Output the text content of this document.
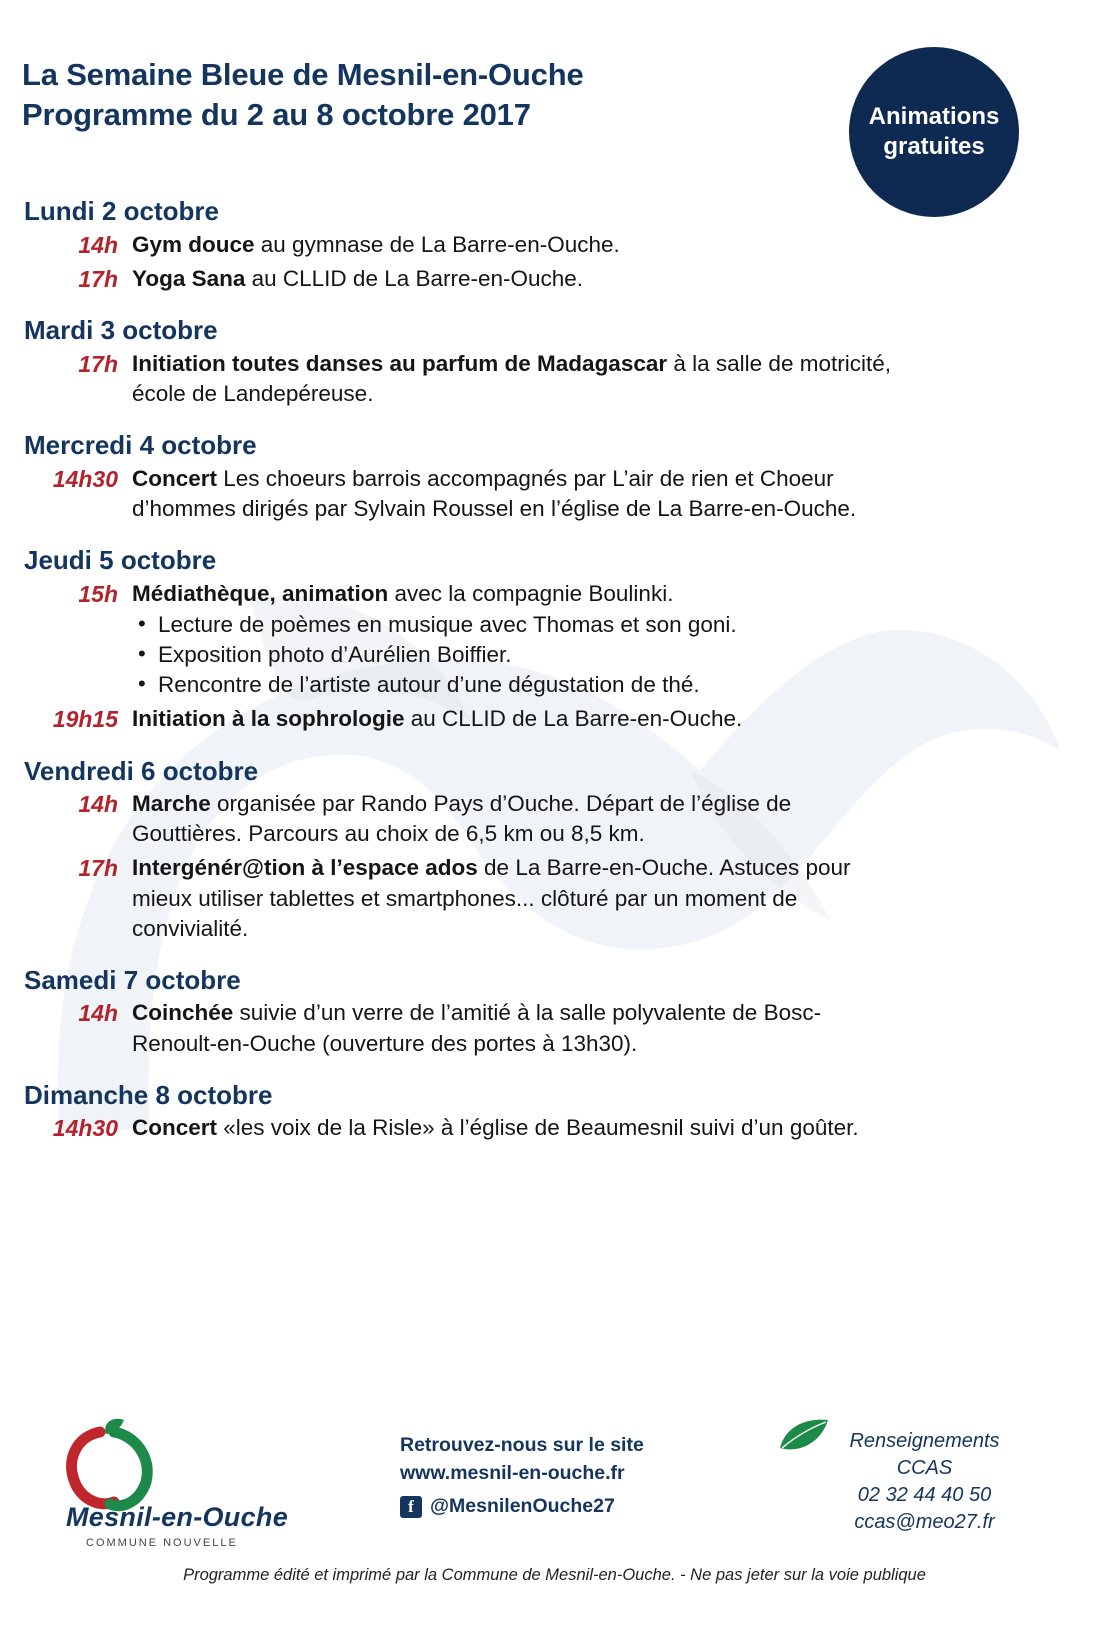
La Semaine Bleue de Mesnil-en-Ouche
Programme du 2 au 8 octobre 2017	Animations
gratuites
Lundi 2 octobre
14h Gym douce au gymnase de La Barre-en-Ouche.
17h Yoga Sana au CLLID de La Barre-en-Ouche.
Mardi 3 octobre
17h Initiation toutes danses au parfum de Madagascar à la salle de motricité, école de Landepéreuse.
Mercredi 4 octobre
14h30 Concert Les choeurs barrois accompagnés par L’air de rien et Choeur d’hommes dirigés par Sylvain Roussel en l’église de La Barre-en-Ouche.
Jeudi 5 octobre
15h Médiathèque, animation avec la compagnie Boulinki.
• Lecture de poèmes en musique avec Thomas et son goni.
• Exposition photo d’Aurélien Boiffier.
• Rencontre de l’artiste autour d’une dégustation de thé.
19h15 Initiation à la sophrologie au CLLID de La Barre-en-Ouche.
Vendredi 6 octobre
14h Marche organisée par Rando Pays d’Ouche. Départ de l’église de Gouttières. Parcours au choix de 6,5 km ou 8,5 km.
17h Intergénér@tion à l’espace ados de La Barre-en-Ouche. Astuces pour mieux utiliser tablettes et smartphones... clôturé par un moment de convivialité.
Samedi 7 octobre
14h Coinchée suivie d’un verre de l’amitié à la salle polyvalente de Bosc-Renoult-en-Ouche (ouverture des portes à 13h30).
Dimanche 8 octobre
14h30 Concert «les voix de la Risle» à l’église de Beaumesnil suivi d’un goûter.
Mesnil-en-Ouche
COMMUNE NOUVELLE
Retrouvez-nous sur le site
www.mesnil-en-ouche.fr
f @MesnilenOuche27
Renseignements
CCAS
02 32 44 40 50
ccas@meo27.fr
Programme édité et imprimé par la Commune de Mesnil-en-Ouche. - Ne pas jeter sur la voie publique
